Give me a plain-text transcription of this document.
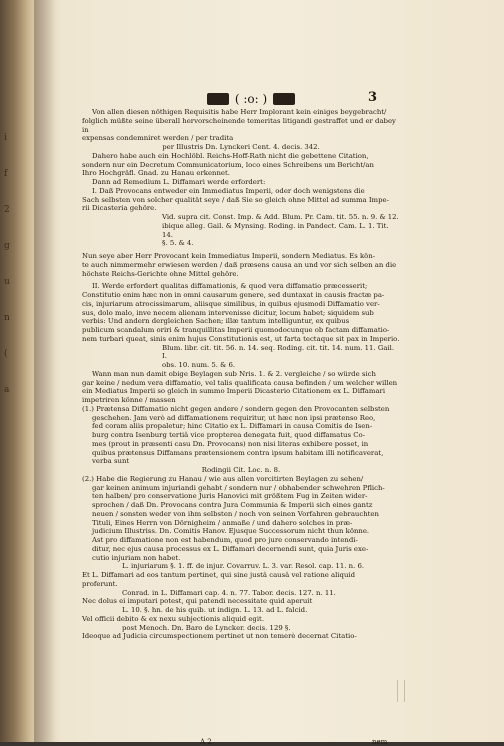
i
f
2
g
u
n
(
a
( :o: )	3

Von allen diesen nöthigen Requisitis habe Herr Implorant kein einiges beygebracht/

folglich müßte seine überall hervorscheinende temeritas litigandi gestraffet und er dabey in

expensas condemniret werden / per tradita

per Illustris Dn. Lynckeri Cent. 4. decis. 342.

Dahero habe auch ein Hochlöbl. Reichs-Hoff-Rath nicht die gebettene Citation,

sondern nur ein Decretum Communicatorium, loco eines Schreibens um Bericht/an

Ihro Hochgräfl. Gnad. zu Hanau erkennet.

Dann ad Remedium L. Diffamari werde erfordert:

I. Daß Provocans entweder ein Immediatus Imperii, oder doch wenigstens die

Sach selbsten von solcher qualität seye / daß Sie so gleich ohne Mittel ad summa Impe-

rii Dicasteria gehöre.

Vid. supra cit. Const. Imp. & Add. Blum. Pr. Cam. tit. 55. n. 9. & 12.

ibique alleg. Gail. & Mynsing. Roding. in Pandect. Cam. L. 1. Tit. 14.

§. 5. & 4.

Nun seye aber Herr Provocant kein Immediatus Imperii, sondern Mediatus. Es kön-

te auch nimmermehr erwiesen werden / daß præsens causa an und vor sich selben an die

höchste Reichs-Gerichte ohne Mittel gehöre.

II. Werde erfordert qualitas diffamationis, & quod vera diffamatio præcesserit;

Constitutio enim hæc non in omni causarum genere, sed duntaxat in causis fractæ pa-

cis, injuriarum atrocissimarum, aliisque similibus, in quibus ejusmodi Diffamatio ver-

sus, dolo malo, inve necem alienam intervenisse dicitur, locum habet; siquidem sub

verbis: Und andern dergleichen Sachen; illæ tantum intelliguntur, ex quibus

publicum scandalum oriri & tranquillitas Imperii quomodocunque ob factam diffamatio-

nem turbari queat, sinis enim hujus Constitutionis est, ut farta tectaque sit pax in Imperio.

Blum. libr. cit. tit. 56. n. 14. seq. Roding. cit. tit. 14. num. 11. Gail. I.

obs. 10. num. 5. & 6.

Wann man nun damit obige Beylagen sub Nris. 1. & 2. vergleiche / so würde sich

gar keine / nedum vera diffamatio, vel talis qualificata causa befinden / um welcher willen

ein Mediatus Imperii so gleich in summo Imperii Dicasterio Citationem ex L. Diffamari

impetriren könne / massen

(1.) Prætensa Diffamatio nicht gegen andere / sondern gegen den Provocanten selbsten

geschehen. Jam verò ad diffamationem requiritur, ut hæc non ipsi prætenso Reo,

fed coram aliis propaletur; hinc Citatio ex L. Diffamari in causa Comitis de Isen-

burg contra Isenburg tertiâ vice propterea denegata fuit, quod diffamatus Co-

mes (prout in præsenti casu Dn. Provocans) non nisi literas exhibere posset, in

quibus prætensus Diffamans prætensionem contra ipsum habitam illi notificaverat,

verba sunt

Rodingii Cit. Loc. n. 8.

(2.) Habe die Regierung zu Hanau / wie aus allen vorcitirten Beylagen zu sehen/

gar keinen animum injuriandi gehabt / sondern nur / obhabender schwehren Pflich-

ten halben/ pro conservatione Juris Hanovici mit größtem Fug in Zeiten wider-

sprochen / daß Dn. Provocans contra Jura Communia & Imperii sich eines gantz

neuen / sonsten weder von ihm selbsten / noch von seinen Vorfahren gebrauchten

Tituli, Eines Herrn von Dörnigheim / anmaße / und dahero solches in præ-

judicium Illustriss. Dn. Comitis Hanov. Ejusque Successorum nicht thun könne.

Ast pro diffamatione non est habendum, quod pro jure conservando intendi-

ditur, nec ejus causa processus ex L. Diffamari decernendi sunt, quia Juris exe-

cutio injuriam non habet.

L. injuriarum §. 1. ff. de injur. Covarruv. L. 3. var. Resol. cap. 11. n. 6.

Et L. Diffamari ad eos tantum pertinet, qui sine justâ causâ vel ratione aliquid

proferunt.

Conrad. in L. Diffamari cap. 4. n. 77. Tabor. decis. 127. n. 11.

Nec dolus ei imputari potest, qui patendi necessitate quid aperuit

L. 10. §. hn. de his quib. ut indign. L. 13. ad L. falcid.

Vel officii debito & ex nexu subjectionis aliquid egit.

post Menoch. Dn. Baro de Lyncker. decis. 129 §.

Ideoque ad Judicia circumspectionem pertinet ut non temerè decernat Citatio-

A 2	nem
